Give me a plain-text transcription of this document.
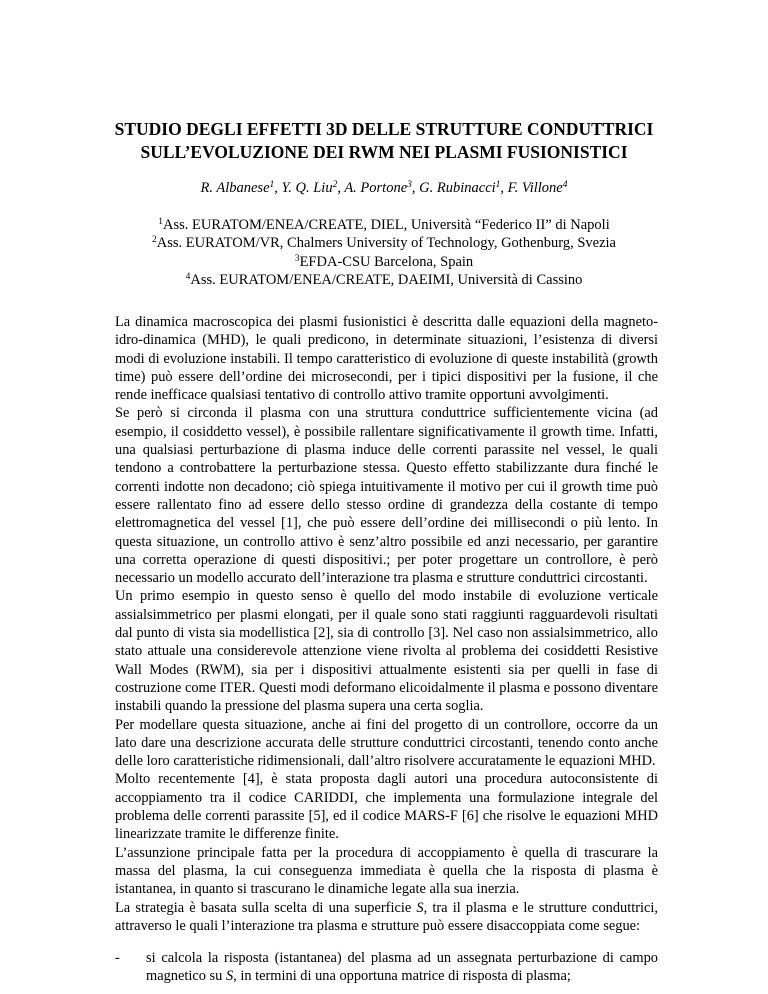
STUDIO DEGLI EFFETTI 3D DELLE STRUTTURE CONDUTTRICI
SULL’EVOLUZIONE DEI RWM NEI PLASMI FUSIONISTICI
R. Albanese$^1$, Y. Q. Liu$^2$, A. Portone$^3$, G. Rubinacci$^1$, F. Villone$^4$
$^1$Ass. EURATOM/ENEA/CREATE, DIEL, Università “Federico II” di Napoli
$^2$Ass. EURATOM/VR, Chalmers University of Technology, Gothenburg, Svezia
$^3$EFDA-CSU Barcelona, Spain
$^4$Ass. EURATOM/ENEA/CREATE, DAEIMI, Università di Cassino

La dinamica macroscopica dei plasmi fusionistici è descritta dalle equazioni della magneto-idro-dinamica (MHD), le quali predicono, in determinate situazioni, l’esistenza di diversi modi di evoluzione instabili. Il tempo caratteristico di evoluzione di queste instabilità (growth time) può essere dell’ordine dei microsecondi, per i tipici dispositivi per la fusione, il che rende inefficace qualsiasi tentativo di controllo attivo tramite opportuni avvolgimenti.

Se però si circonda il plasma con una struttura conduttrice sufficientemente vicina (ad esempio, il cosiddetto vessel), è possibile rallentare significativamente il growth time. Infatti, una qualsiasi perturbazione di plasma induce delle correnti parassite nel vessel, le quali tendono a controbattere la perturbazione stessa. Questo effetto stabilizzante dura finché le correnti indotte non decadono; ciò spiega intuitivamente il motivo per cui il growth time può essere rallentato fino ad essere dello stesso ordine di grandezza della costante di tempo elettromagnetica del vessel [1], che può essere dell’ordine dei millisecondi o più lento. In questa situazione, un controllo attivo è senz’altro possibile ed anzi necessario, per garantire una corretta operazione di questi dispositivi.; per poter progettare un controllore, è però necessario un modello accurato dell’interazione tra plasma e strutture conduttrici circostanti.

Un primo esempio in questo senso è quello del modo instabile di evoluzione verticale assialsimmetrico per plasmi elongati, per il quale sono stati raggiunti ragguardevoli risultati dal punto di vista sia modellistica [2], sia di controllo [3]. Nel caso non assialsimmetrico, allo stato attuale una considerevole attenzione viene rivolta al problema dei cosiddetti Resistive Wall Modes (RWM), sia per i dispositivi attualmente esistenti sia per quelli in fase di costruzione come ITER. Questi modi deformano elicoidalmente il plasma e possono diventare instabili quando la pressione del plasma supera una certa soglia.

Per modellare questa situazione, anche ai fini del progetto di un controllore, occorre da un lato dare una descrizione accurata delle strutture conduttrici circostanti, tenendo conto anche delle loro caratteristiche ridimensionali, dall’altro risolvere accuratamente le equazioni MHD.

Molto recentemente [4], è stata proposta dagli autori una procedura autoconsistente di accoppiamento tra il codice CARIDDI, che implementa una formulazione integrale del problema delle correnti parassite [5], ed il codice MARS-F [6] che risolve le equazioni MHD linearizzate tramite le differenze finite.

L’assunzione principale fatta per la procedura di accoppiamento è quella di trascurare la massa del plasma, la cui conseguenza immediata è quella che la risposta di plasma è istantanea, in quanto si trascurano le dinamiche legate alla sua inerzia.

La strategia è basata sulla scelta di una superficie S, tra il plasma e le strutture conduttrici, attraverso le quali l’interazione tra plasma e strutture può essere disaccoppiata come segue:

-	si calcola la risposta (istantanea) del plasma ad un assegnata perturbazione di campo magnetico su S, in termini di una opportuna matrice di risposta di plasma;
